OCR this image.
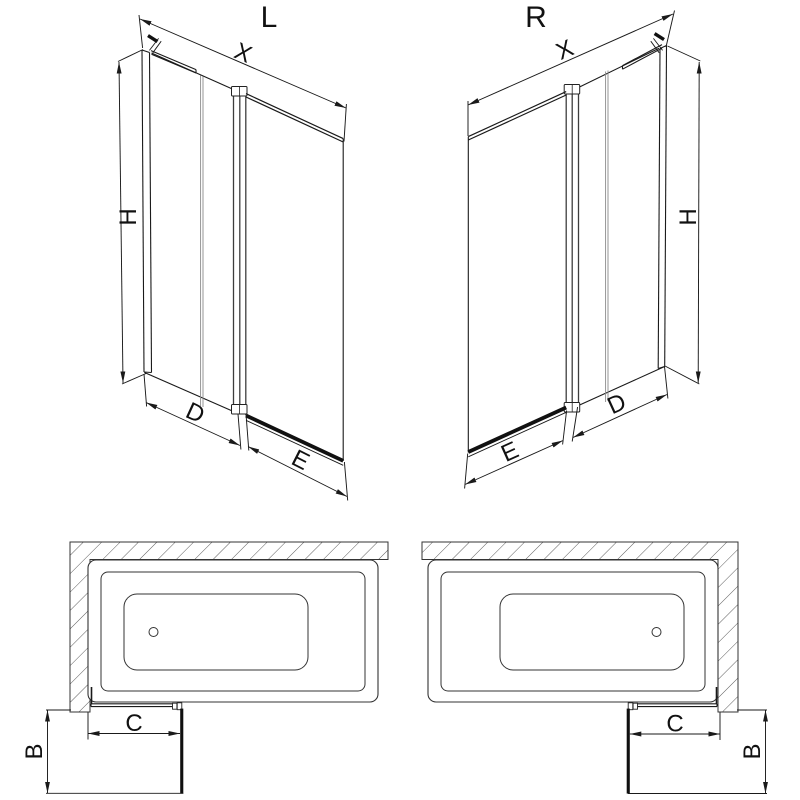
L
X
H
D
E
R
X
H
D
E
C
B
C
B
